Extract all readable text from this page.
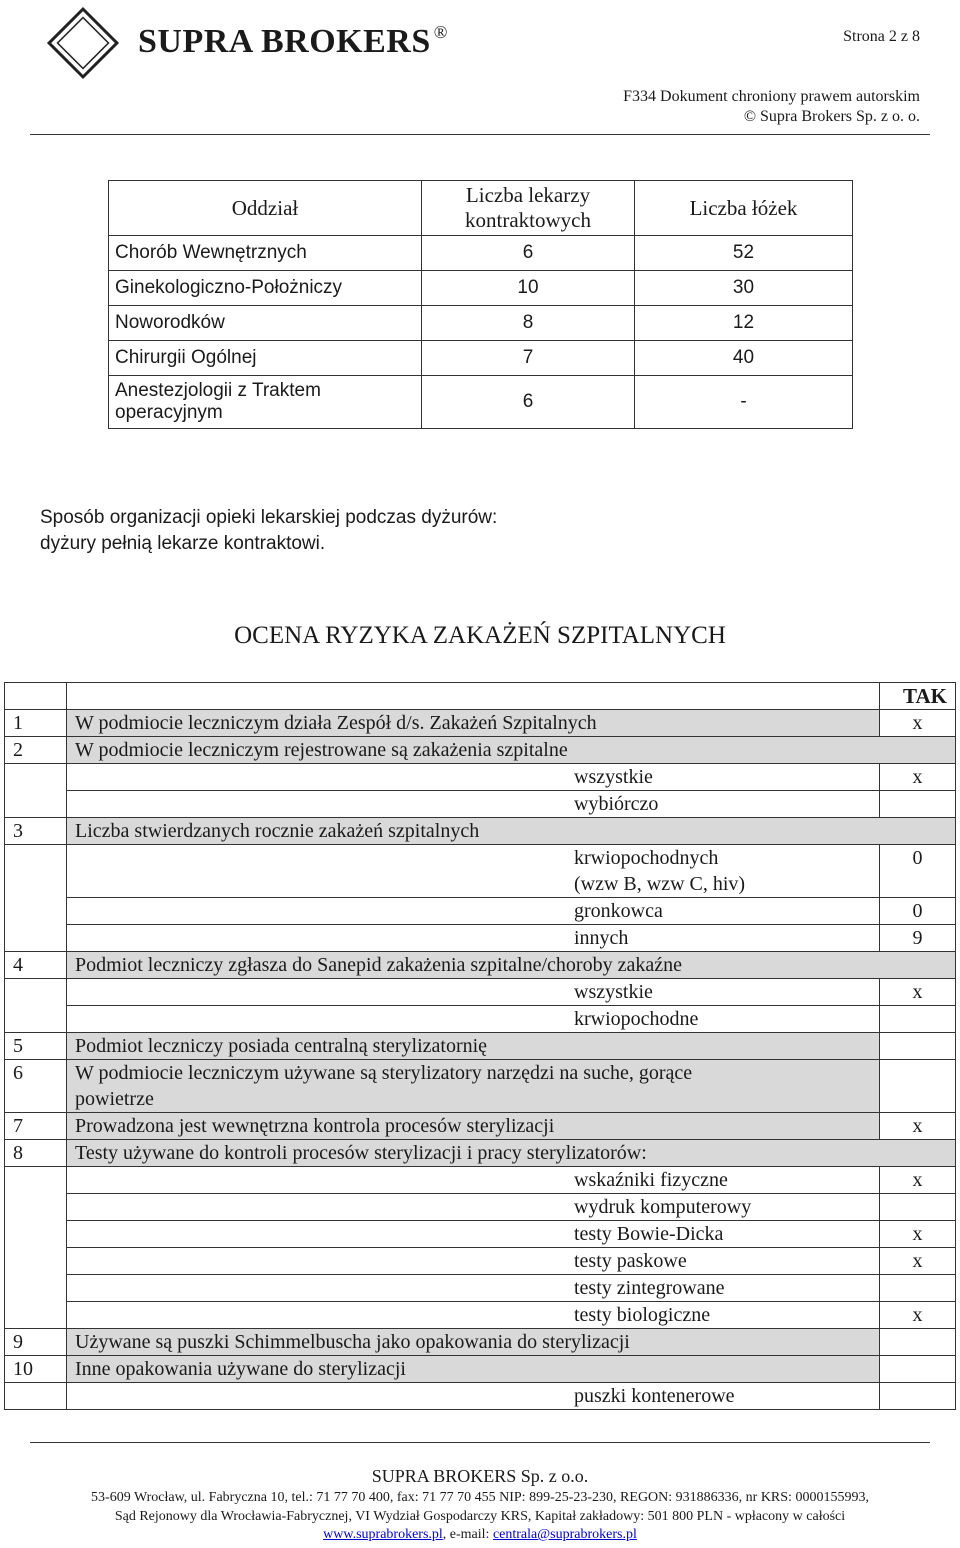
SUPRA BROKERS ®	Strona 2 z 8
F334 Dokument chroniony prawem autorskim
© Supra Brokers Sp. z o. o.
Oddział	Liczba lekarzy kontraktowych	Liczba łóżek
Chorób Wewnętrznych	6	52
Ginekologiczno-Położniczy	10	30
Noworodków	8	12
Chirurgii Ogólnej	7	40
Anestezjologii z Traktem operacyjnym	6	-
Sposób organizacji opieki lekarskiej podczas dyżurów:
dyżury pełnią lekarze kontraktowi.
OCENA RYZYKA ZAKAŻEŃ SZPITALNYCH
		TAK
1	W podmiocie leczniczym działa Zespół d/s. Zakażeń Szpitalnych	x
2	W podmiocie leczniczym rejestrowane są zakażenia szpitalne	
	wszystkie	x
	wybiórczo	
3	Liczba stwierdzanych rocznie zakażeń szpitalnych	

	krwiopochodnych
(wzw B, wzw C, hiv)	0
	gronkowca	0
	innych	9
4	Podmiot leczniczy zgłasza do Sanepid zakażenia szpitalne/choroby zakaźne	
	wszystkie	x
	krwiopochodne	
5	Podmiot leczniczy posiada centralną sterylizatornię	
6	W podmiocie leczniczym używane są sterylizatory narzędzi na suche, gorące
powietrze	

7	Prowadzona jest wewnętrzna kontrola procesów sterylizacji	x
8	Testy używane do kontroli procesów sterylizacji i pracy sterylizatorów:	
	wskaźniki fizyczne	x
	wydruk komputerowy	
	testy Bowie-Dicka	x
	testy paskowe	x
	testy zintegrowane	
	testy biologiczne	x
9	Używane są puszki Schimmelbuscha jako opakowania do sterylizacji	
10	Inne opakowania używane do sterylizacji	
	puszki kontenerowe	
SUPRA BROKERS Sp. z o.o.
53-609 Wrocław, ul. Fabryczna 10, tel.: 71 77 70 400, fax: 71 77 70 455 NIP: 899-25-23-230, REGON: 931886336, nr KRS: 0000155993,
Sąd Rejonowy dla Wrocławia-Fabrycznej, VI Wydział Gospodarczy KRS, Kapitał zakładowy: 501 800 PLN - wpłacony w całości
www.suprabrokers.pl, e-mail: centrala@suprabrokers.pl
